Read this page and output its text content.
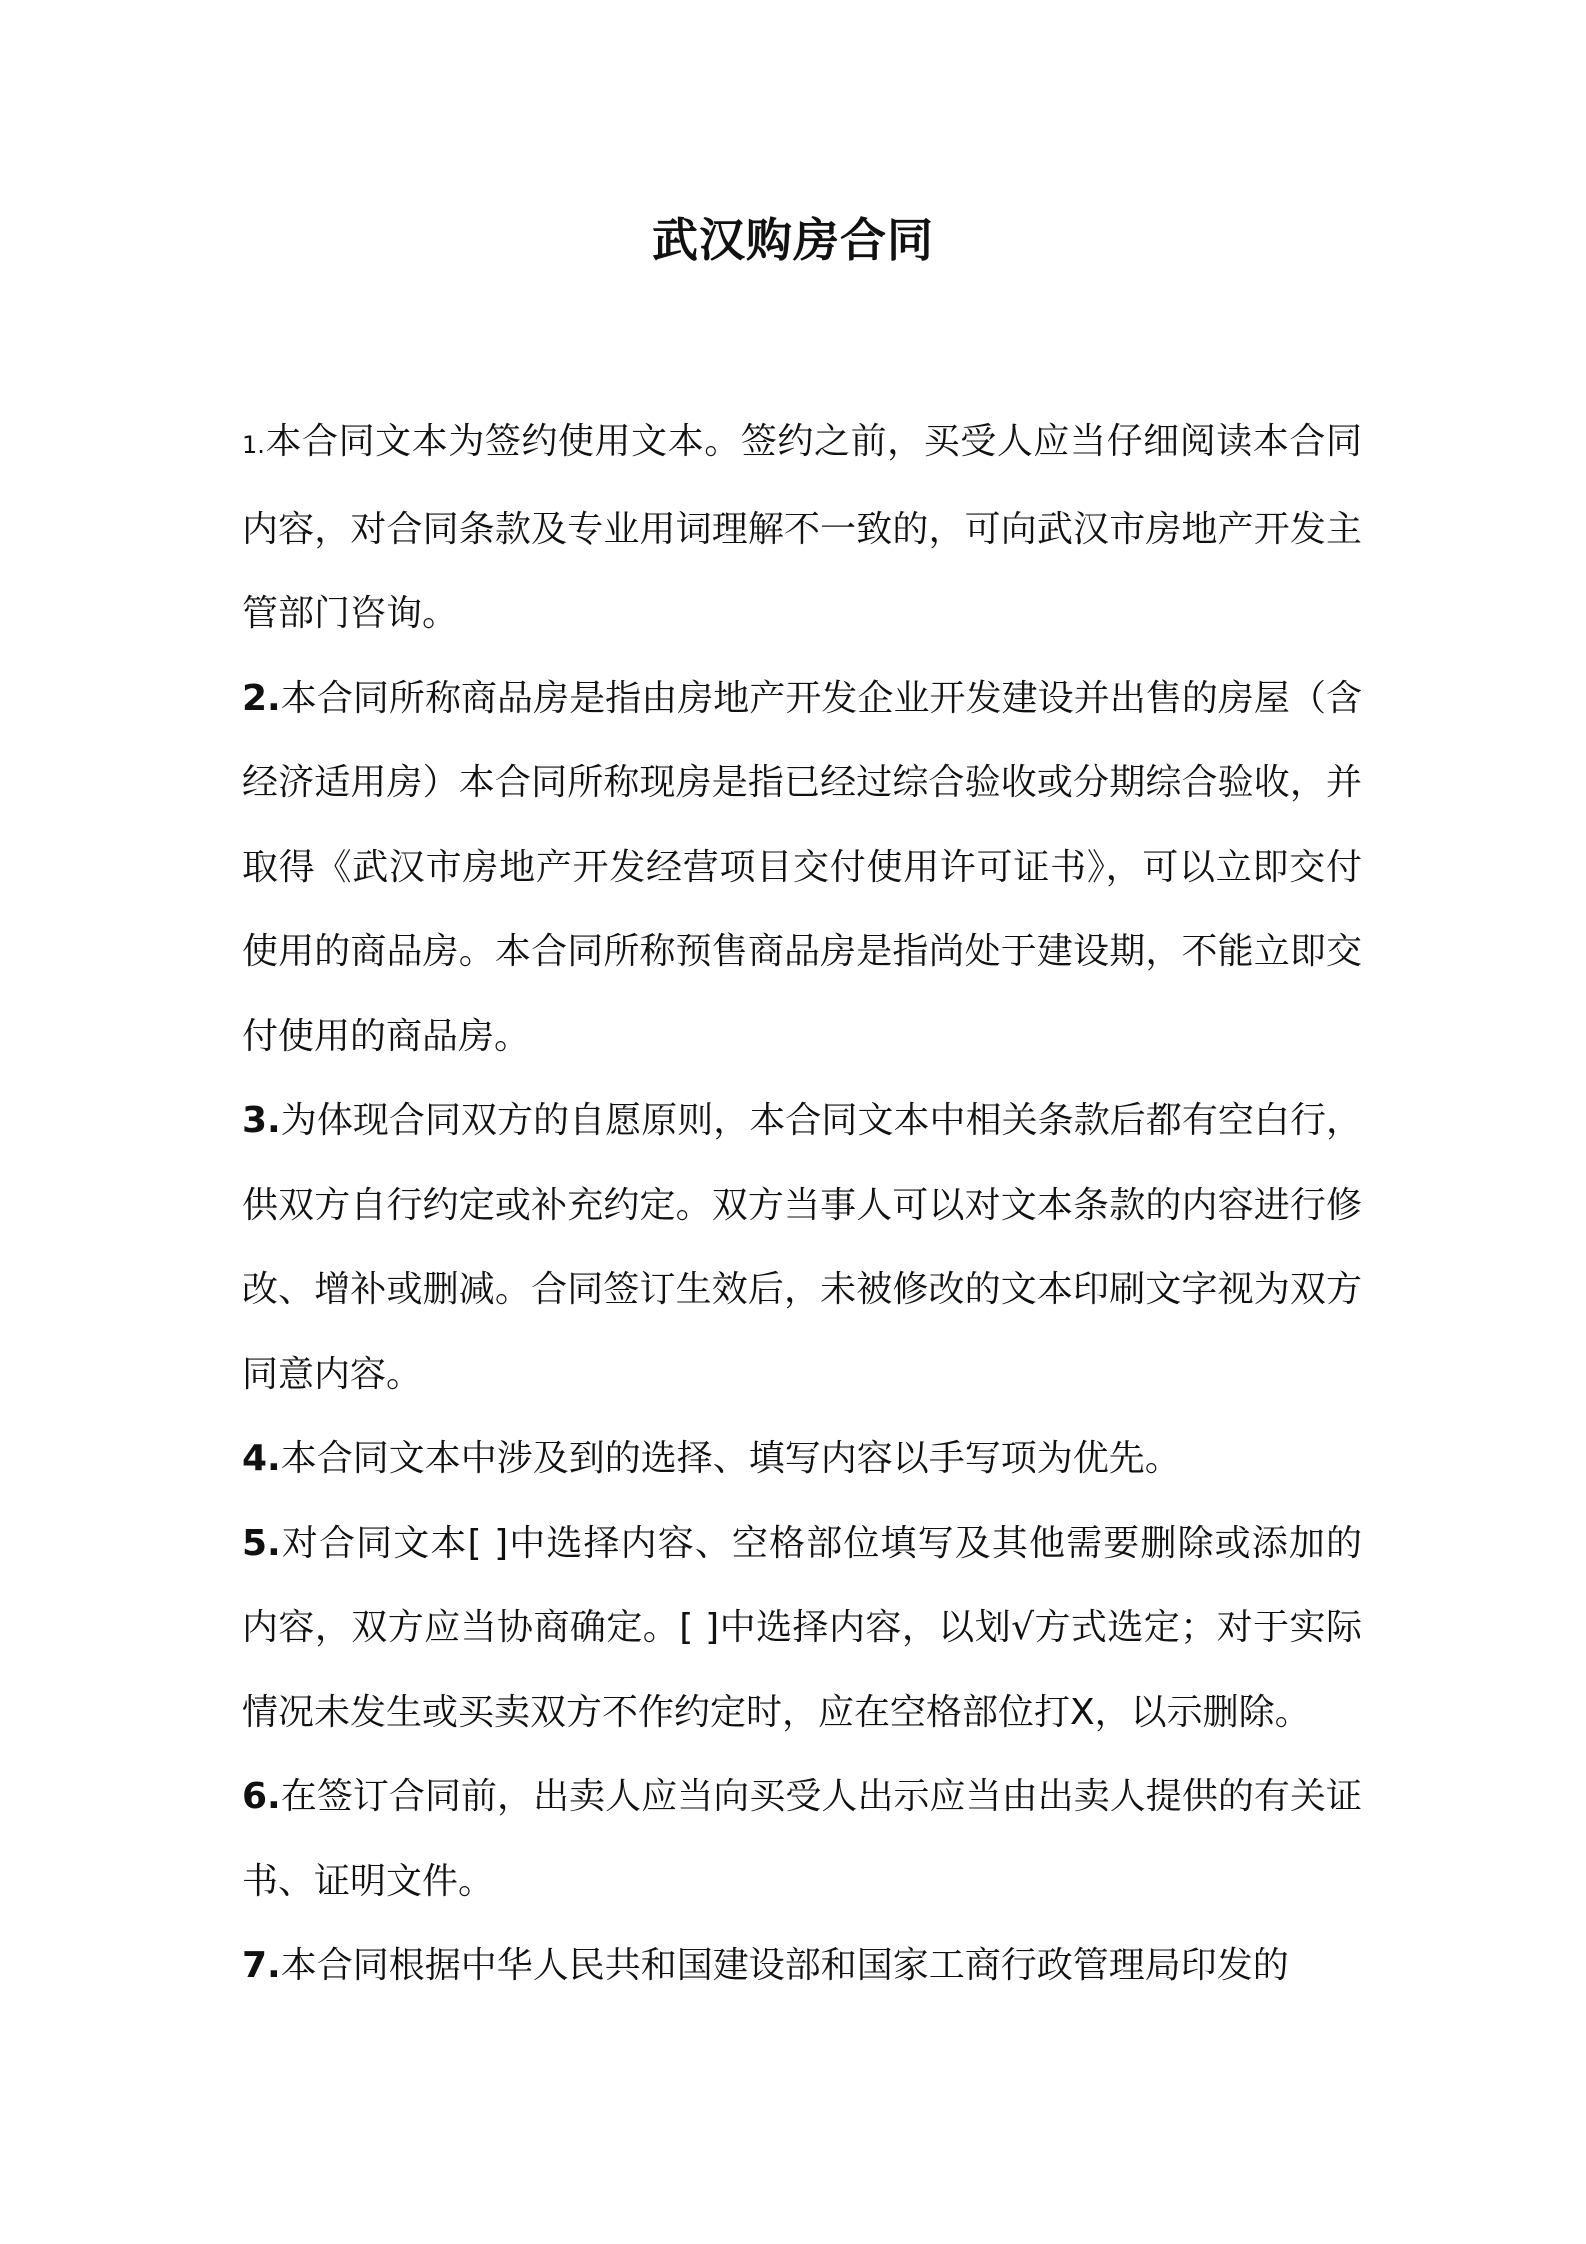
武汉购房合同

1.本合同文本为签约使用文本。签约之前，买受人应当仔细阅读本合同内容，对合同条款及专业用词理解不一致的，可向武汉市房地产开发主管部门咨询。

2.本合同所称商品房是指由房地产开发企业开发建设并出售的房屋（含经济适用房）本合同所称现房是指已经过综合验收或分期综合验收，并取得《武汉市房地产开发经营项目交付使用许可证书》，可以立即交付使用的商品房。本合同所称预售商品房是指尚处于建设期，不能立即交付使用的商品房。

3.为体现合同双方的自愿原则，本合同文本中相关条款后都有空白行，供双方自行约定或补充约定。双方当事人可以对文本条款的内容进行修改、增补或删减。合同签订生效后，未被修改的文本印刷文字视为双方同意内容。

4.本合同文本中涉及到的选择、填写内容以手写项为优先。

5.对合同文本[ ]中选择内容、空格部位填写及其他需要删除或添加的内容，双方应当协商确定。[ ]中选择内容，以划√方式选定；对于实际情况未发生或买卖双方不作约定时，应在空格部位打X，以示删除。

6.在签订合同前，出卖人应当向买受人出示应当由出卖人提供的有关证书、证明文件。

7.本合同根据中华人民共和国建设部和国家工商行政管理局印发的
